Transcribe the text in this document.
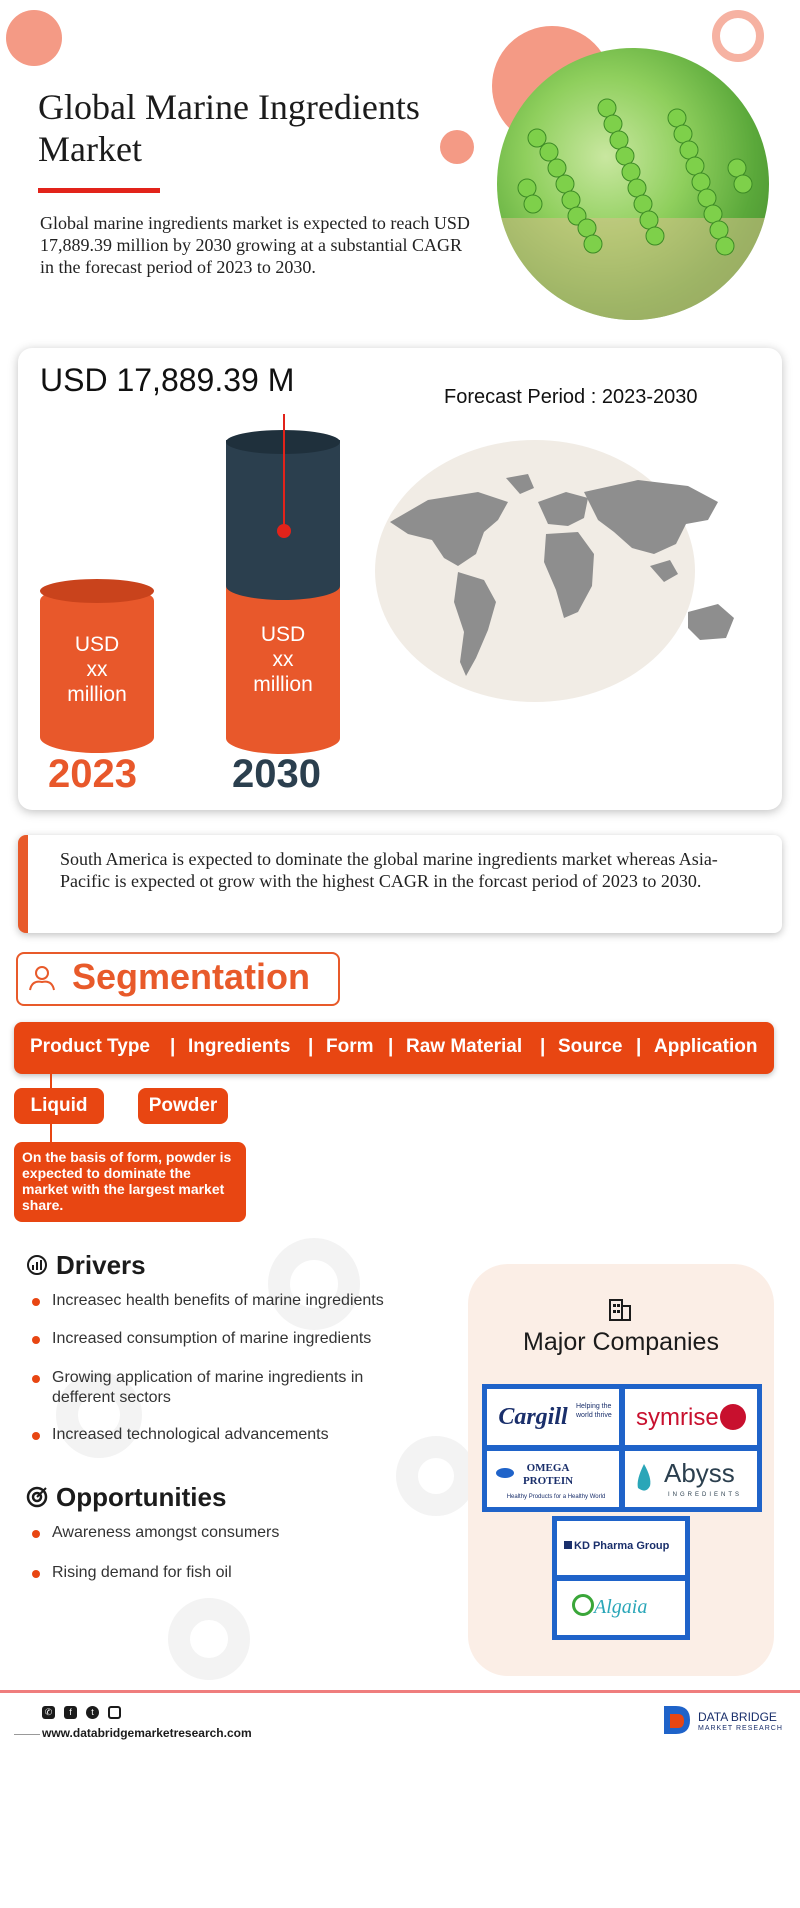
Global Marine Ingredients Market
Global marine ingredients market is expected to reach USD 17,889.39 million by 2030 growing at a substantial CAGR in the forecast period of 2023 to 2030.
USD 17,889.39 M	Forecast Period : 2023-2030
USD
xx
million
USD
xx
million
2023 2030
South America is expected to dominate the global marine ingredients market whereas Asia-Pacific is expected ot grow with the highest CAGR in the forcast period of 2023 to 2030.
Segmentation
Product Type | Ingredients | Form | Raw Material | Source | Application
Liquid	Powder
On the basis of form, powder is expected to dominate the market with the largest market share.
Drivers
Increasec health benefits of marine ingredients
Increased consumption of marine ingredients
Growing application of marine ingredients in defferent sectors
Increased technological advancements
Opportunities
Awareness amongst consumers
Rising demand for fish oil
Major Companies
Cargill	Helping the world thrive symrise
OMEGA PROTEIN
Healthy Products for a Healthy World
Abyss
INGREDIENTS
KD Pharma Group
Algaia
✆	f	t
www.databridgemarketresearch.com
DATA BRIDGE
MARKET RESEARCH
